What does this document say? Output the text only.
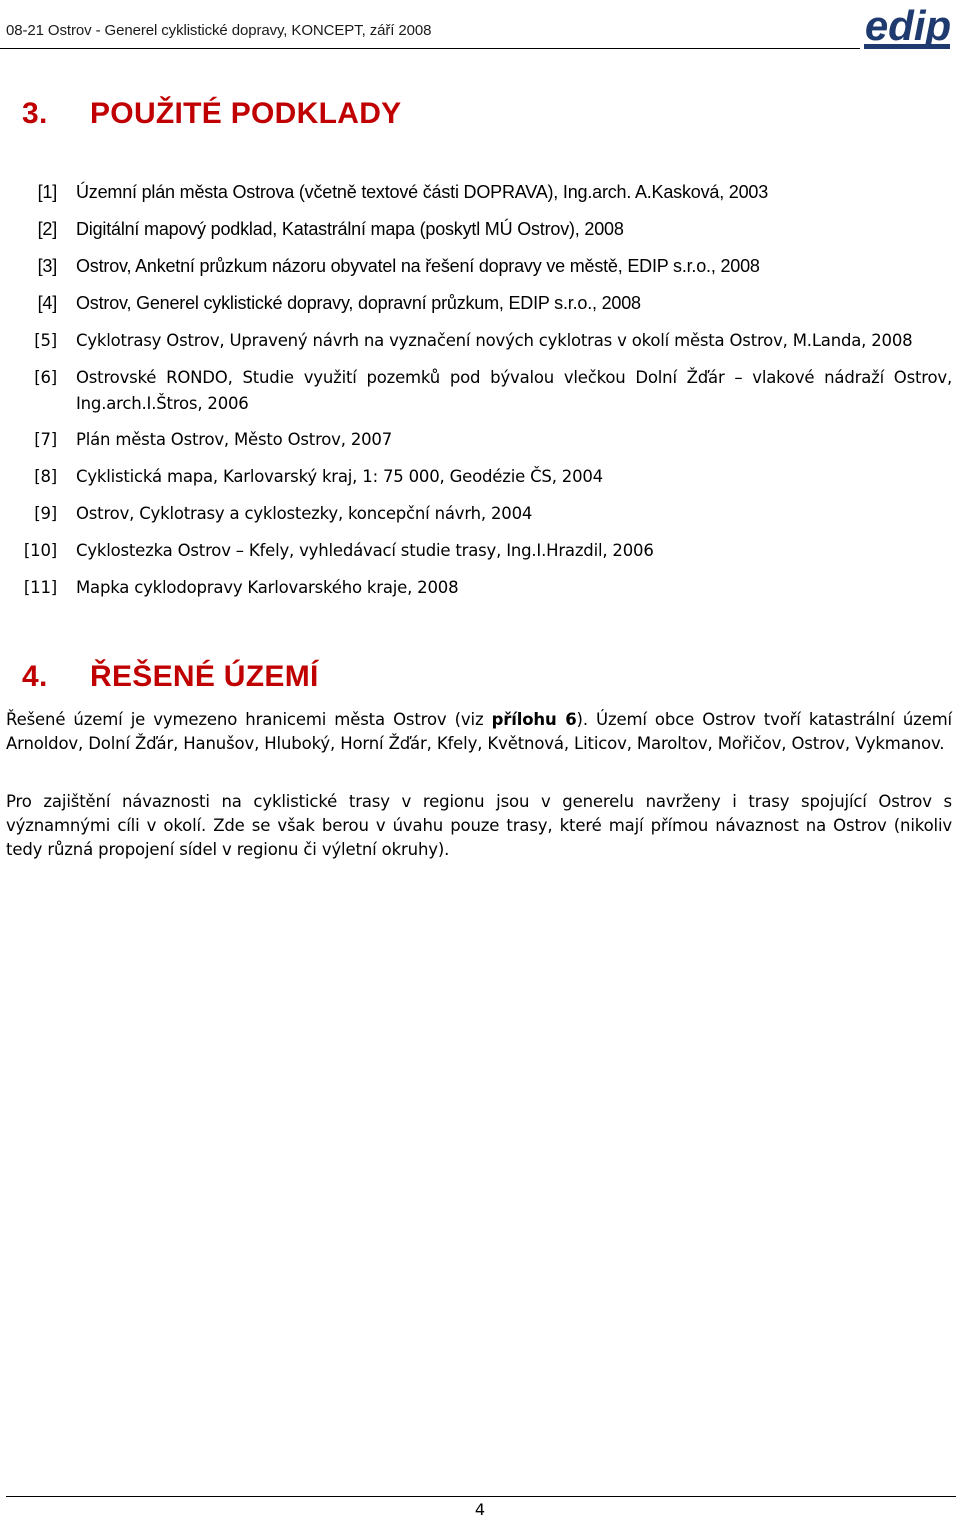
08-21 Ostrov - Generel cyklistické dopravy, KONCEPT, září 2008	edip
3. POUŽITÉ PODKLADY
[1] Územní plán města Ostrova (včetně textové části DOPRAVA), Ing.arch. A.Kasková, 2003
[2] Digitální mapový podklad, Katastrální mapa (poskytl MÚ Ostrov), 2008
[3] Ostrov, Anketní průzkum názoru obyvatel na řešení dopravy ve městě, EDIP s.r.o., 2008
[4] Ostrov, Generel cyklistické dopravy, dopravní průzkum, EDIP s.r.o., 2008
[5] Cyklotrasy Ostrov, Upravený návrh na vyznačení nových cyklotras v okolí města Ostrov, M.Landa, 2008
[6] Ostrovské RONDO, Studie využití pozemků pod bývalou vlečkou Dolní Žďár – vlakové nádraží Ostrov,
Ing.arch.I.Štros, 2006
[7] Plán města Ostrov, Město Ostrov, 2007
[8] Cyklistická mapa, Karlovarský kraj, 1: 75 000, Geodézie ČS, 2004
[9] Ostrov, Cyklotrasy a cyklostezky, koncepční návrh, 2004
[10] Cyklostezka Ostrov – Kfely, vyhledávací studie trasy, Ing.I.Hrazdil, 2006
[11] Mapka cyklodopravy Karlovarského kraje, 2008
4. ŘEŠENÉ ÚZEMÍ
Řešené území je vymezeno hranicemi města Ostrov (viz přílohu 6). Území obce Ostrov tvoří katastrální území Arnoldov, Dolní Žďár, Hanušov, Hluboký, Horní Žďár, Kfely, Květnová, Liticov, Maroltov, Mořičov, Ostrov, Vykmanov.
Pro zajištění návaznosti na cyklistické trasy v regionu jsou v generelu navrženy i trasy spojující Ostrov s významnými cíli v okolí. Zde se však berou v úvahu pouze trasy, které mají přímou návaznost na Ostrov (nikoliv tedy různá propojení sídel v regionu či výletní okruhy).
4
